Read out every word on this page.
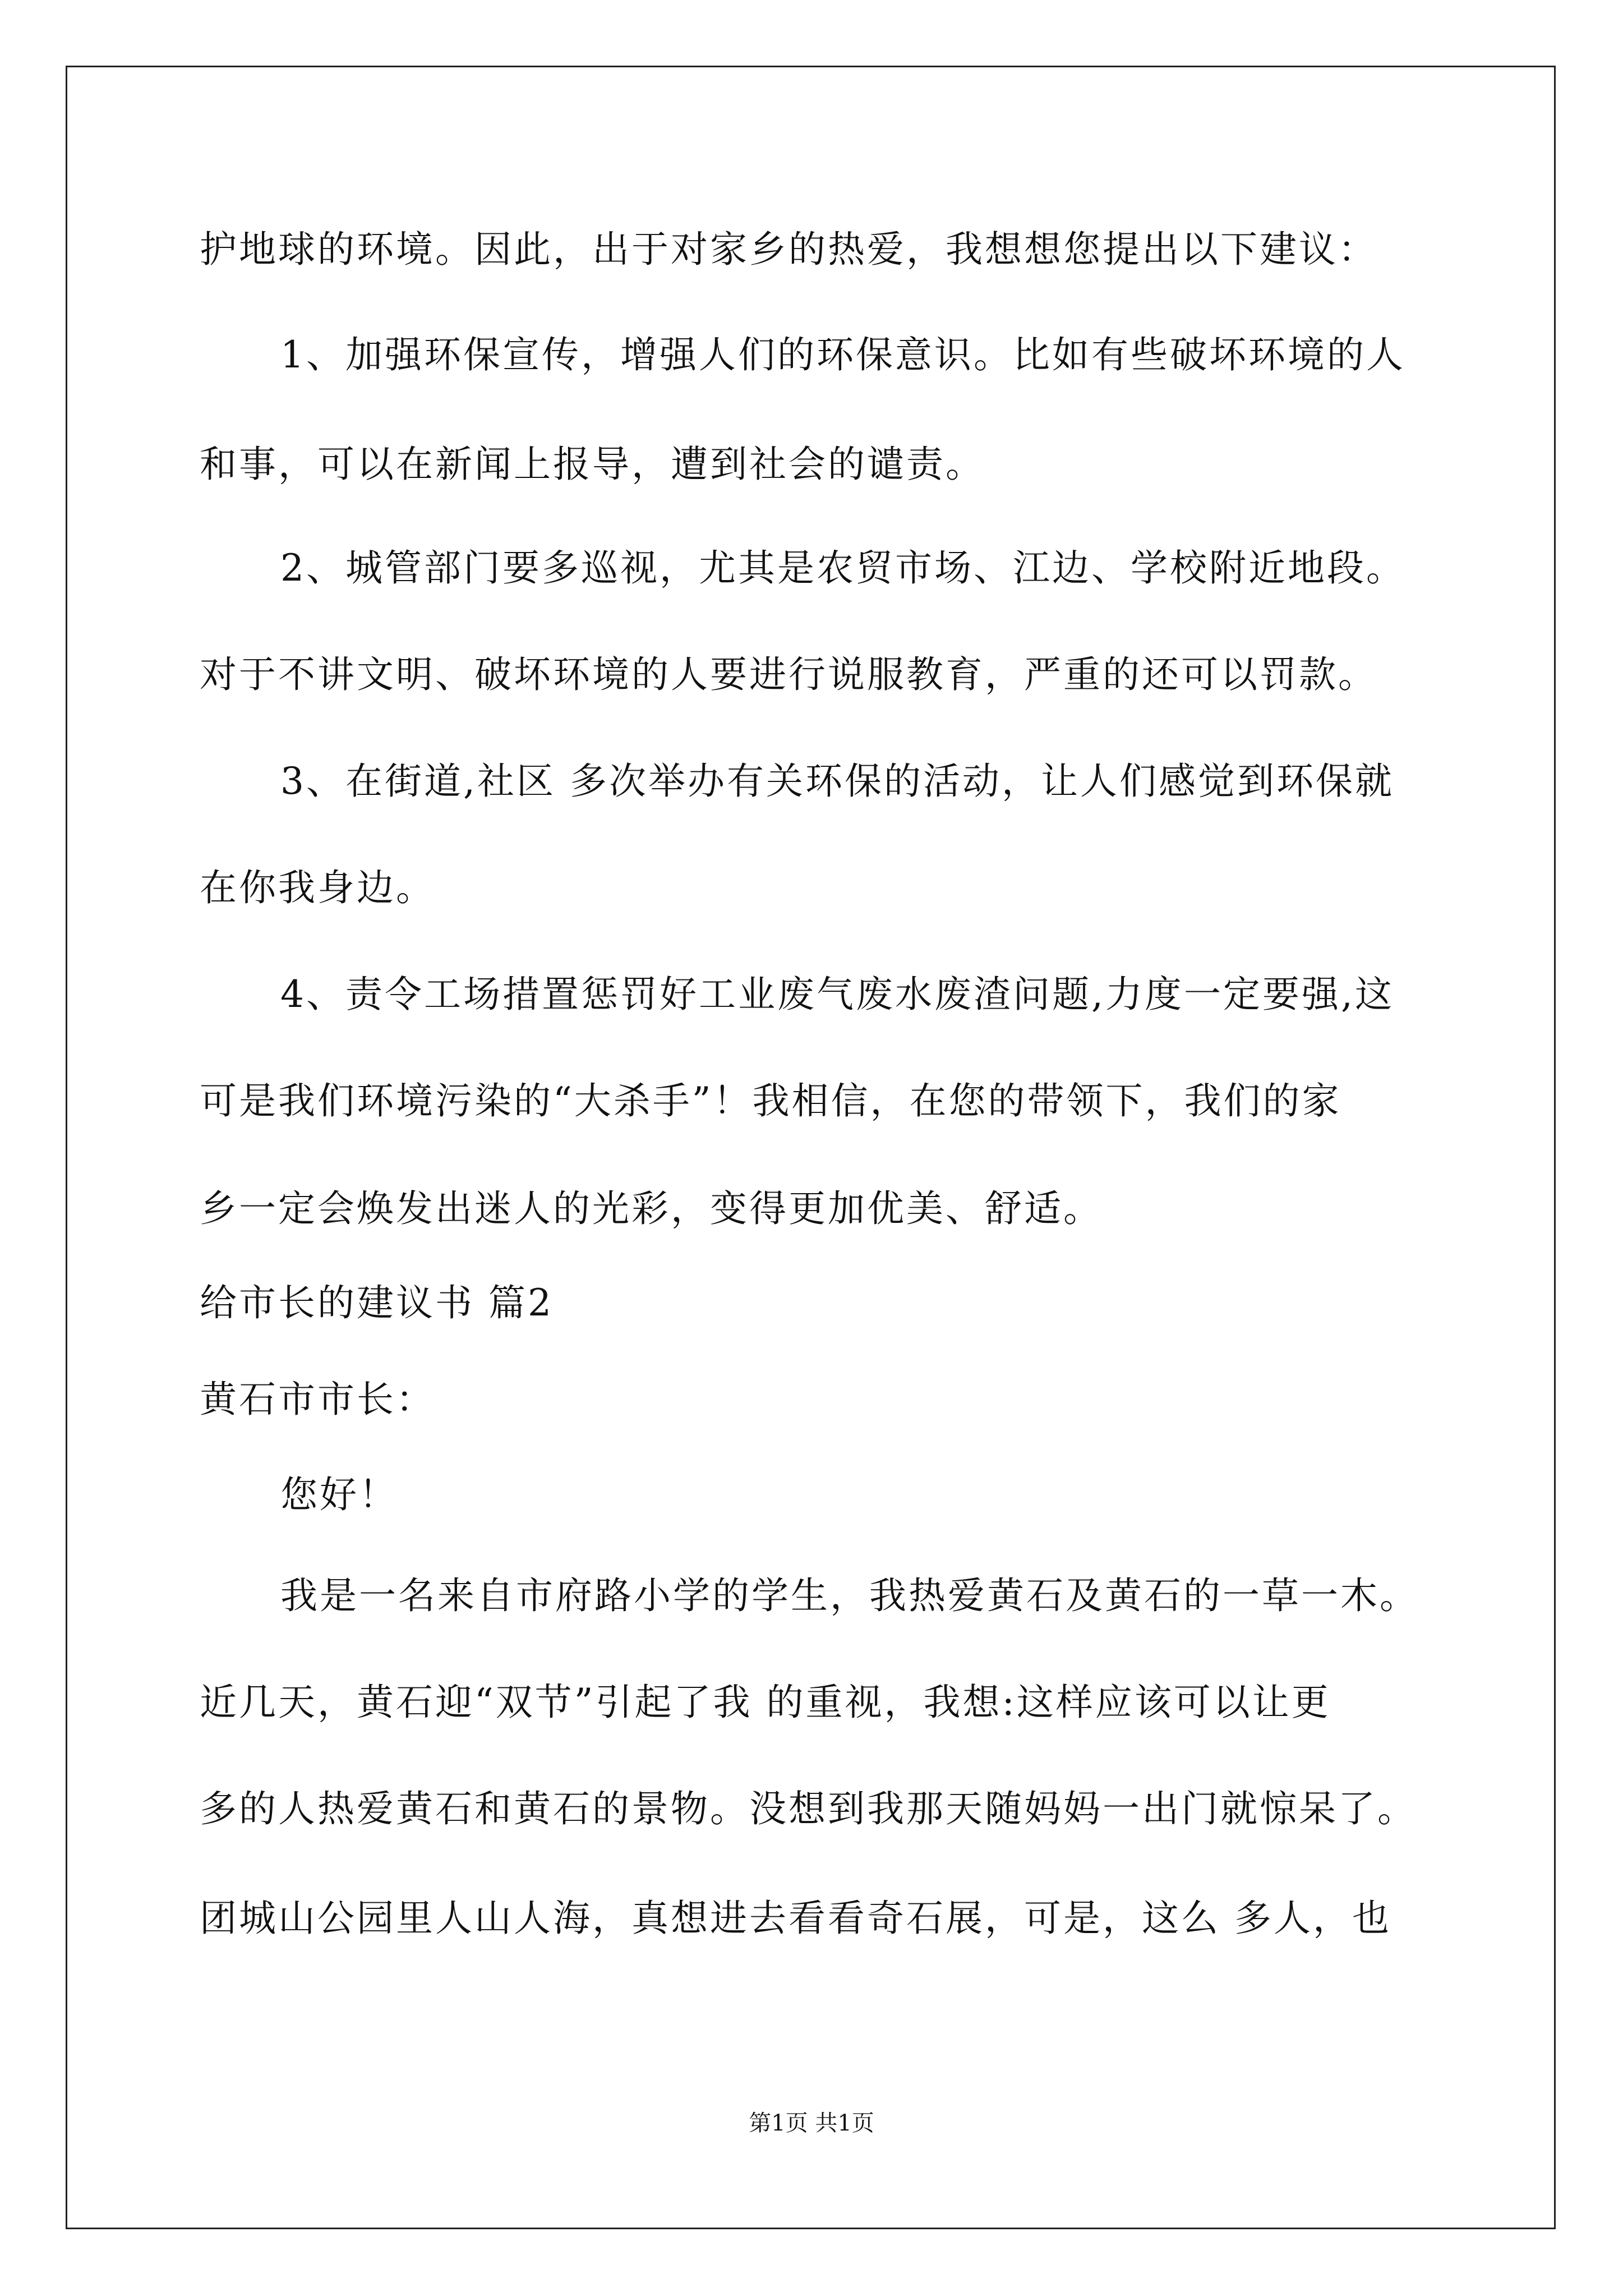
护地球的环境。因此，出于对家乡的热爱，我想想您提出以下建议：
1、加强环保宣传，增强人们的环保意识。比如有些破坏环境的人
和事，可以在新闻上报导，遭到社会的谴责。
2、城管部门要多巡视，尤其是农贸市场、江边、学校附近地段。
对于不讲文明、破坏环境的人要进行说服教育，严重的还可以罚款。
3、在街道,社区 多次举办有关环保的活动，让人们感觉到环保就
在你我身边。
4、责令工场措置惩罚好工业废气废水废渣问题,力度一定要强,这
可是我们环境污染的“大杀手”！我相信，在您的带领下，我们的家
乡一定会焕发出迷人的光彩，变得更加优美、舒适。
给市长的建议书 篇2
黄石市市长：
您好！
我是一名来自市府路小学的学生，我热爱黄石及黄石的一草一木。
近几天，黄石迎“双节”引起了我 的重视，我想:这样应该可以让更
多的人热爱黄石和黄石的景物。没想到我那天随妈妈一出门就惊呆了。
团城山公园里人山人海，真想进去看看奇石展，可是，这么 多人，也
第1页 共1页
